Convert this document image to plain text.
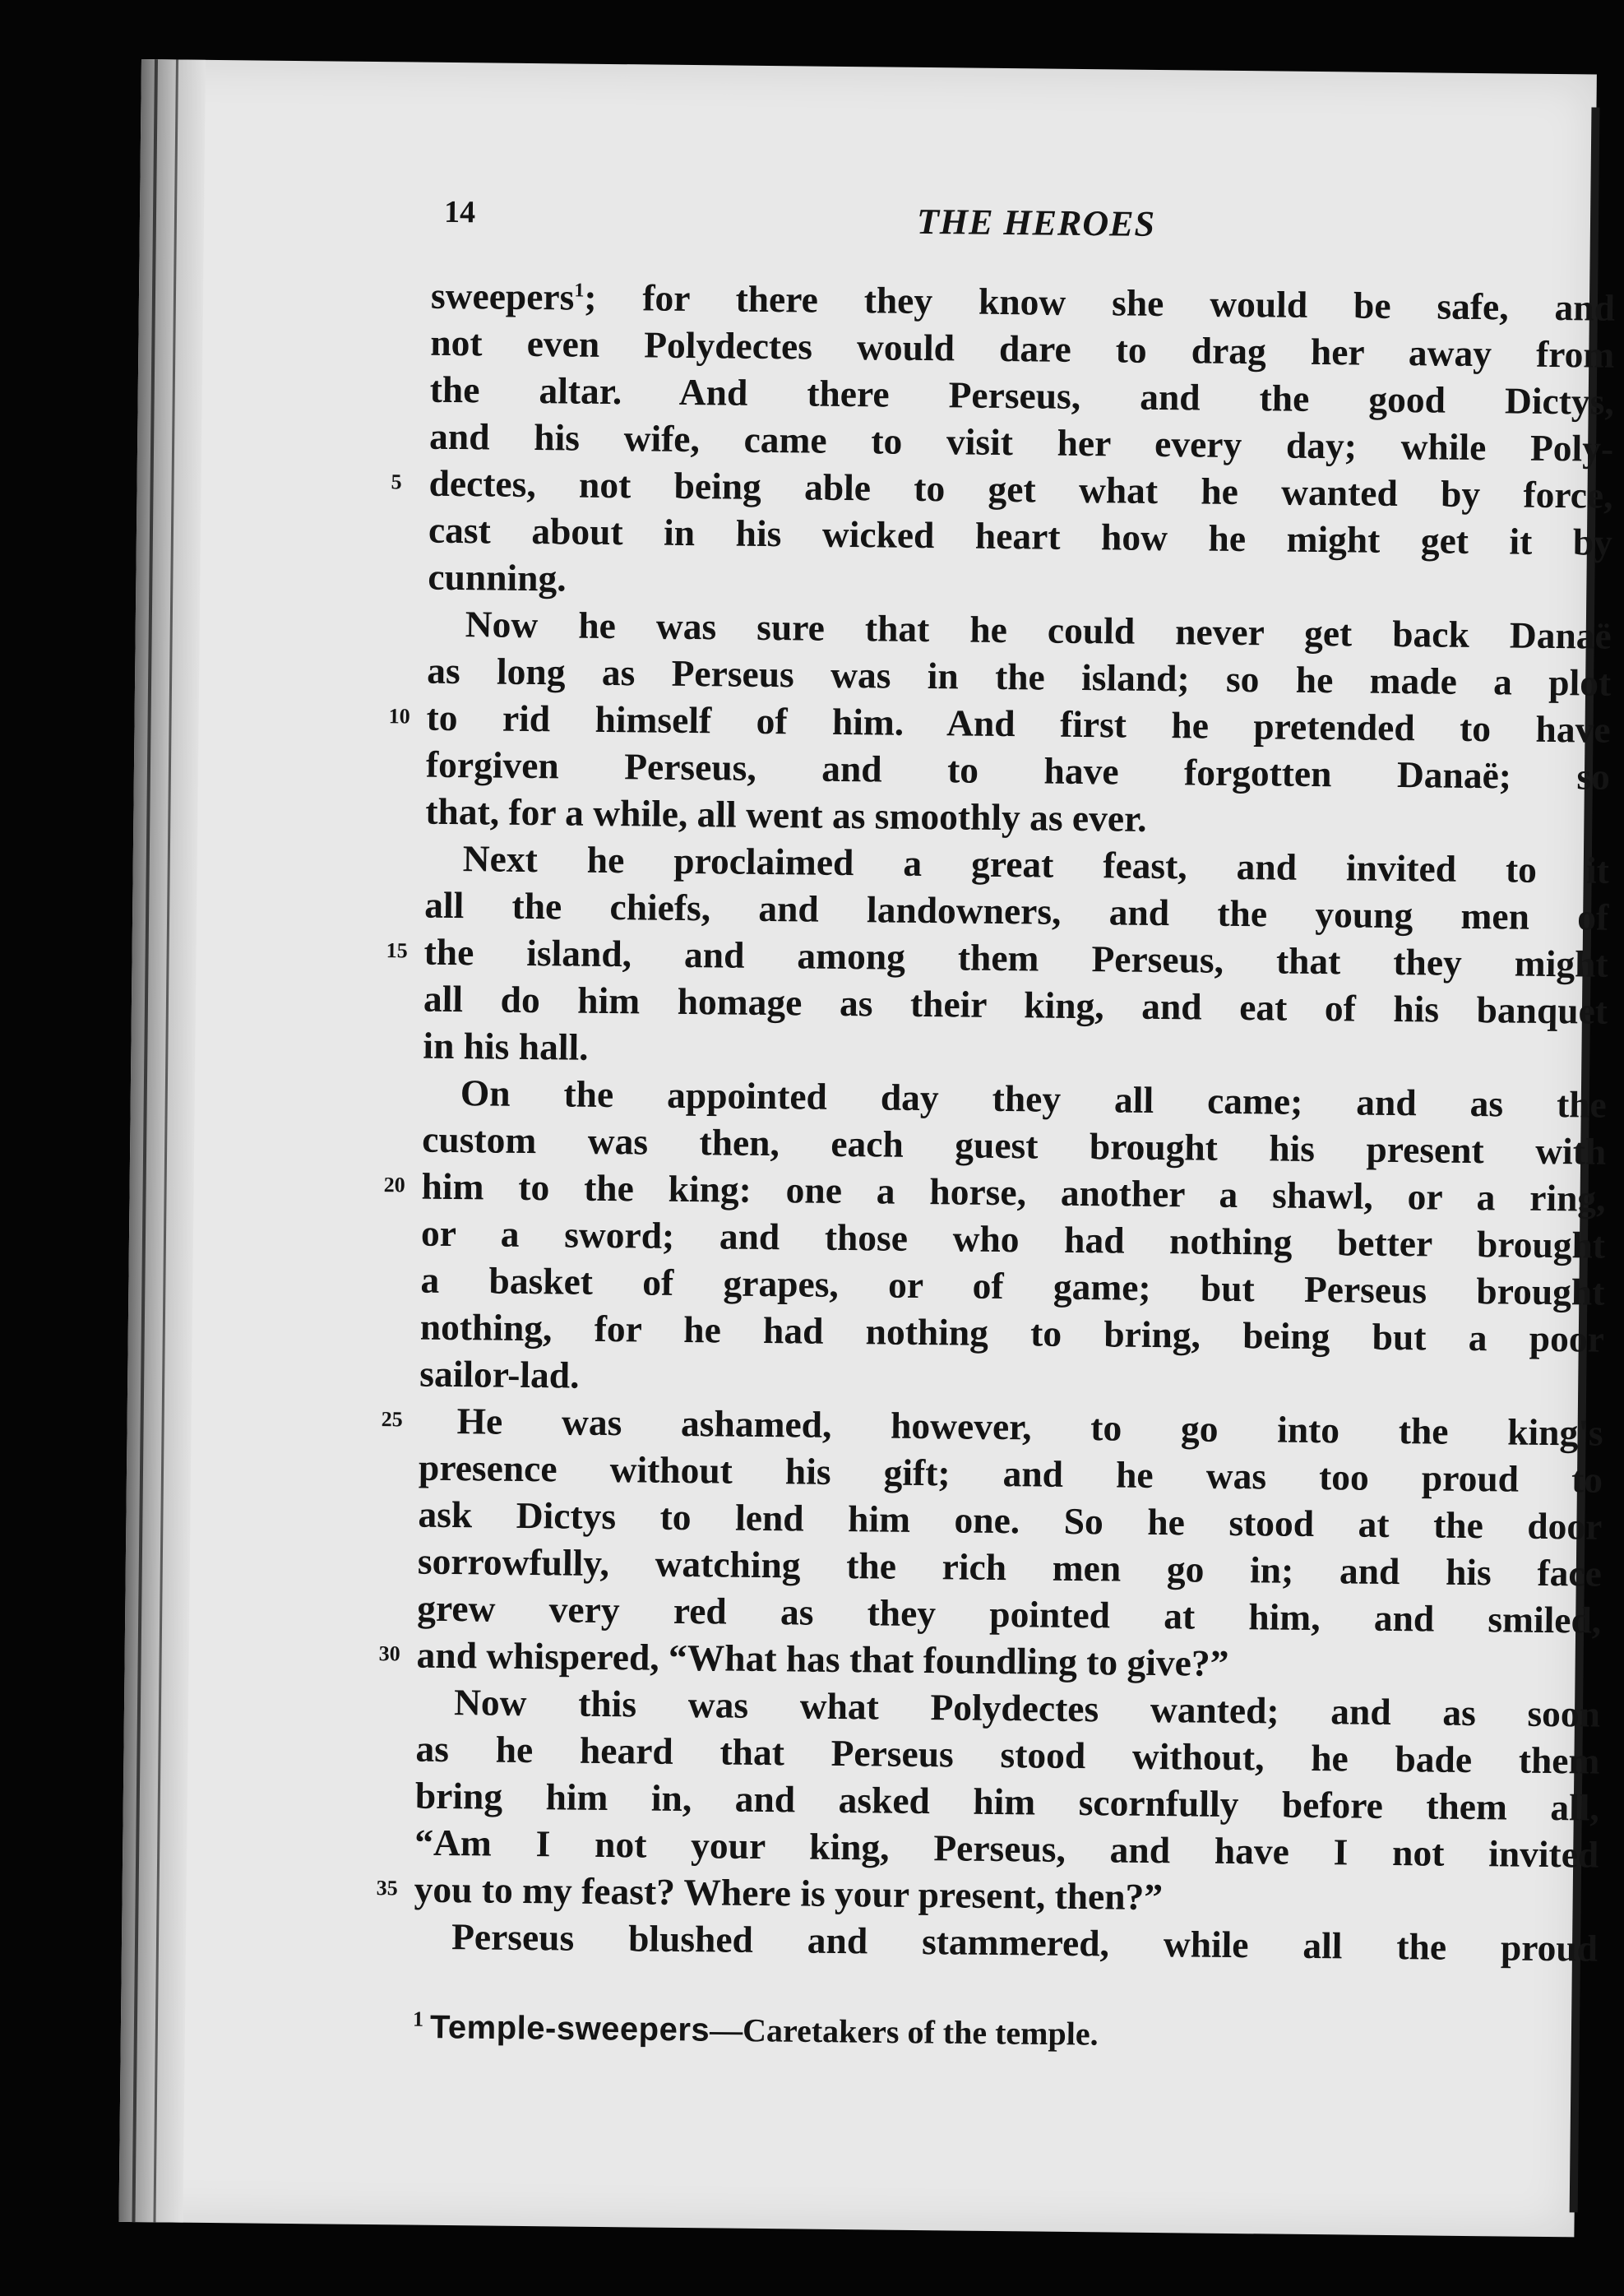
14	THE HEROES
sweepers$^1$; for there they know she would be safe, and
not even Polydectes would dare to drag her away from
the altar. And there Perseus, and the good Dictys,
and his wife, came to visit her every day; while Poly-
5 dectes, not being able to get what he wanted by force,
cast about in his wicked heart how he might get it by
cunning.
Now he was sure that he could never get back Danaë
as long as Perseus was in the island; so he made a plot
10 to rid himself of him. And first he pretended to have
forgiven Perseus, and to have forgotten Danaë; so
that, for a while, all went as smoothly as ever.
Next he proclaimed a great feast, and invited to it
all the chiefs, and landowners, and the young men of
15 the island, and among them Perseus, that they might
all do him homage as their king, and eat of his banquet
in his hall.
On the appointed day they all came; and as the
custom was then, each guest brought his present with
20 him to the king: one a horse, another a shawl, or a ring,
or a sword; and those who had nothing better brought
a basket of grapes, or of game; but Perseus brought
nothing, for he had nothing to bring, being but a poor
sailor-lad.
25 He was ashamed, however, to go into the king's
presence without his gift; and he was too proud to
ask Dictys to lend him one. So he stood at the door
sorrowfully, watching the rich men go in; and his face
grew very red as they pointed at him, and smiled,
30 and whispered, “What has that foundling to give?”
Now this was what Polydectes wanted; and as soon
as he heard that Perseus stood without, he bade them
bring him in, and asked him scornfully before them all,
“Am I not your king, Perseus, and have I not invited
35 you to my feast? Where is your present, then?”
Perseus blushed and stammered, while all the proud
$^1$ Temple-sweepers—Caretakers of the temple.
